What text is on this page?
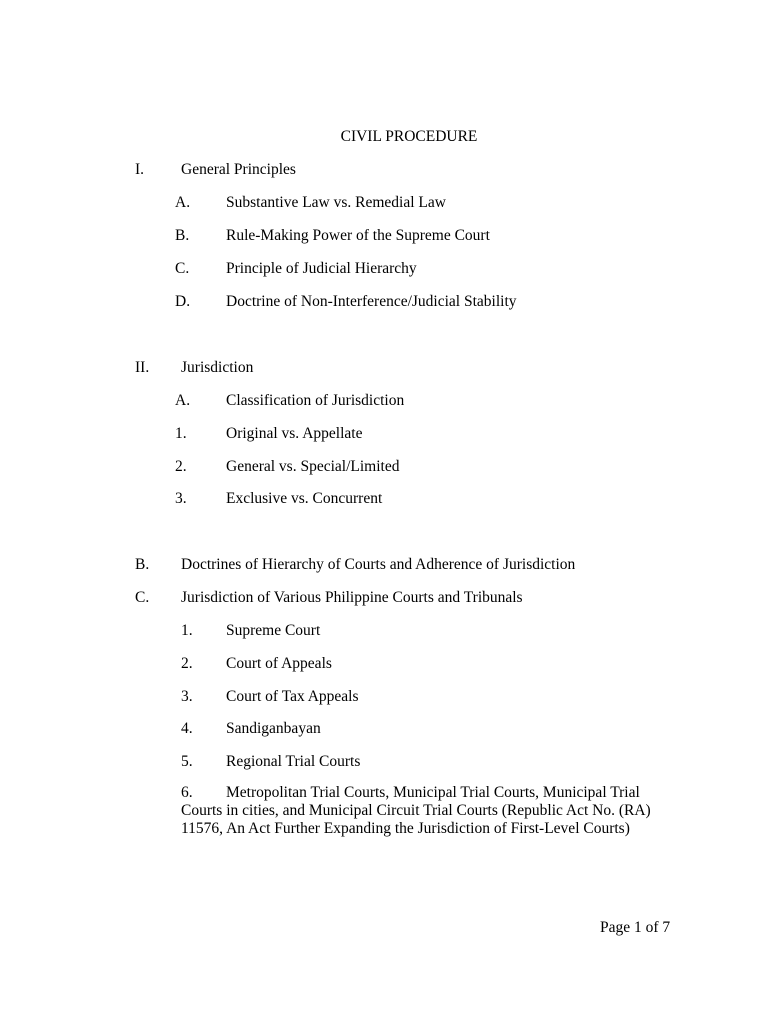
CIVIL PROCEDURE
I. General Principles
A. Substantive Law vs. Remedial Law
B. Rule-Making Power of the Supreme Court
C. Principle of Judicial Hierarchy
D. Doctrine of Non-Interference/Judicial Stability
II. Jurisdiction
A. Classification of Jurisdiction
1.	Original vs. Appellate
2.	General vs. Special/Limited
3.	Exclusive vs. Concurrent
B. Doctrines of Hierarchy of Courts and Adherence of Jurisdiction
C. Jurisdiction of Various Philippine Courts and Tribunals
1. Supreme Court
2. Court of Appeals
3. Court of Tax Appeals
4. Sandiganbayan
5. Regional Trial Courts
6. Metropolitan Trial Courts, Municipal Trial Courts, Municipal Trial Courts in cities, and Municipal Circuit Trial Courts (Republic Act No. (RA) 11576, An Act Further Expanding the Jurisdiction of First-Level Courts)
Page 1 of 7
